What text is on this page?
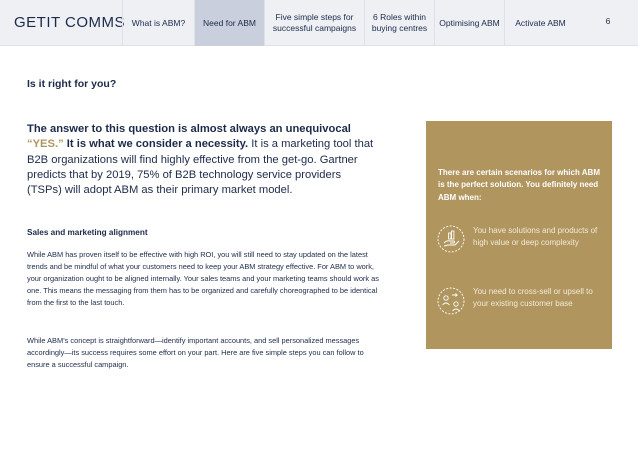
GETIT COMMS What is ABM? Need for ABM
Five simple steps for successful campaigns
6 Roles within buying centres
Optimising ABM Activate ABM	6
Is it right for you?
The answer to this question is almost always an unequivocal “YES.” It is what we consider a necessity. It is a marketing tool that B2B organizations will find highly effective from the get-go. Gartner predicts that by 2019, 75% of B2B technology service providers (TSPs) will adopt ABM as their primary market model.
Sales and marketing alignment
While ABM has proven itself to be effective with high ROI, you will still need to stay updated on the latest trends and be mindful of what your customers need to keep your ABM strategy effective. For ABM to work, your organization ought to be aligned internally. Your sales teams and your marketing teams should work as one. This means the messaging from them has to be organized and carefully choreographed to be identical from the first to the last touch.
While ABM’s concept is straightforward—identify important accounts, and sell personalized messages accordingly—its success requires some effort on your part. Here are five simple steps you can follow to ensure a successful campaign.
There are certain scenarios for which ABM is the perfect solution. You definitely need ABM when:
You have solutions and products of high value or deep complexity
You need to cross-sell or upsell to your existing customer base
